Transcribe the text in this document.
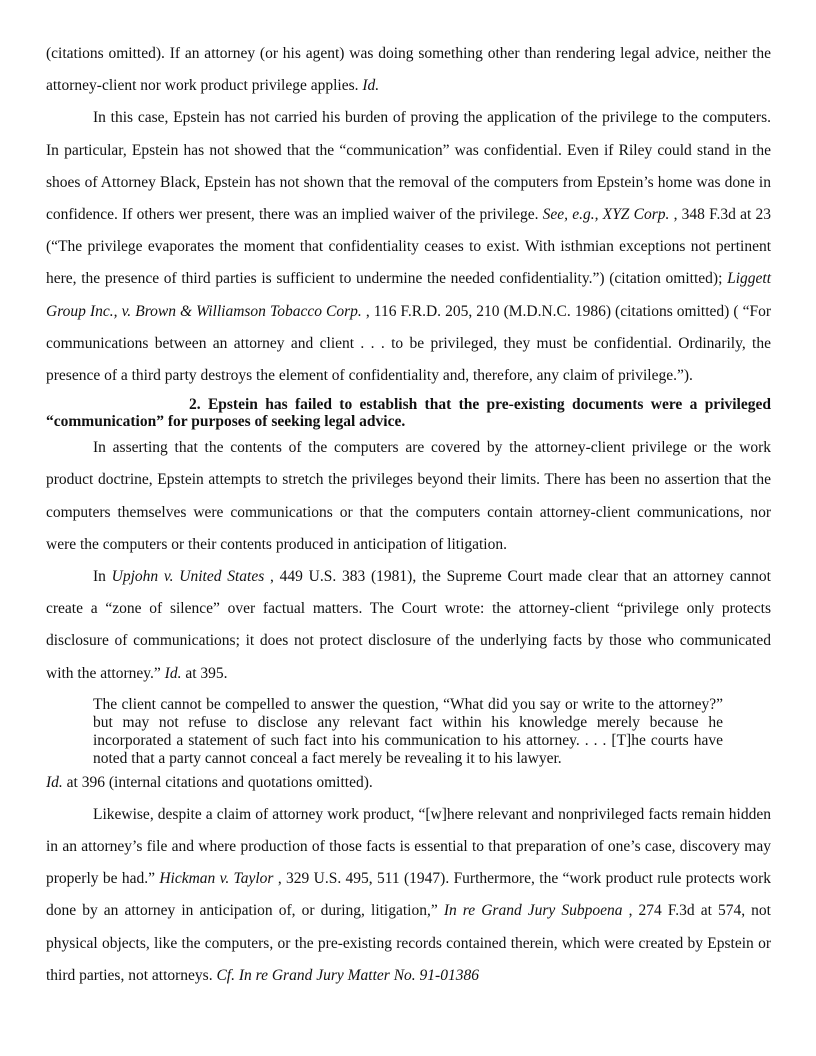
(citations omitted). If an attorney (or his agent) was doing something other than rendering legal advice, neither the attorney-client nor work product privilege applies. Id.

In this case, Epstein has not carried his burden of proving the application of the privilege to the computers. In particular, Epstein has not showed that the “communication” was confidential. Even if Riley could stand in the shoes of Attorney Black, Epstein has not shown that the removal of the computers from Epstein’s home was done in confidence. If others wer present, there was an implied waiver of the privilege. See, e.g., XYZ Corp. , 348 F.3d at 23 (“The privilege evaporates the moment that confidentiality ceases to exist. With isthmian exceptions not pertinent here, the presence of third parties is sufficient to undermine the needed confidentiality.”) (citation omitted); Liggett Group Inc., v. Brown & Williamson Tobacco Corp. , 116 F.R.D. 205, 210 (M.D.N.C. 1986) (citations omitted) ( “For communications between an attorney and client . . . to be privileged, they must be confidential. Ordinarily, the presence of a third party destroys the element of confidentiality and, therefore, any claim of privilege.”).

2. Epstein has failed to establish that the pre-existing documents were a privileged “communication” for purposes of seeking legal advice.

In asserting that the contents of the computers are covered by the attorney-client privilege or the work product doctrine, Epstein attempts to stretch the privileges beyond their limits. There has been no assertion that the computers themselves were communications or that the computers contain attorney-client communications, nor were the computers or their contents produced in anticipation of litigation.

In Upjohn v. United States , 449 U.S. 383 (1981), the Supreme Court made clear that an attorney cannot create a “zone of silence” over factual matters. The Court wrote: the attorney-client “privilege only protects disclosure of communications; it does not protect disclosure of the underlying facts by those who communicated with the attorney.” Id. at 395.

The client cannot be compelled to answer the question, “What did you say or write to the attorney?” but may not refuse to disclose any relevant fact within his knowledge merely because he incorporated a statement of such fact into his communication to his attorney. . . . [T]he courts have noted that a party cannot conceal a fact merely be revealing it to his lawyer.

Id. at 396 (internal citations and quotations omitted).

Likewise, despite a claim of attorney work product, “[w]here relevant and nonprivileged facts remain hidden in an attorney’s file and where production of those facts is essential to that preparation of one’s case, discovery may properly be had.” Hickman v. Taylor , 329 U.S. 495, 511 (1947). Furthermore, the “work product rule protects work done by an attorney in anticipation of, or during, litigation,” In re Grand Jury Subpoena , 274 F.3d at 574, not physical objects, like the computers, or the pre-existing records contained therein, which were created by Epstein or third parties, not attorneys. Cf. In re Grand Jury Matter No. 91-01386
